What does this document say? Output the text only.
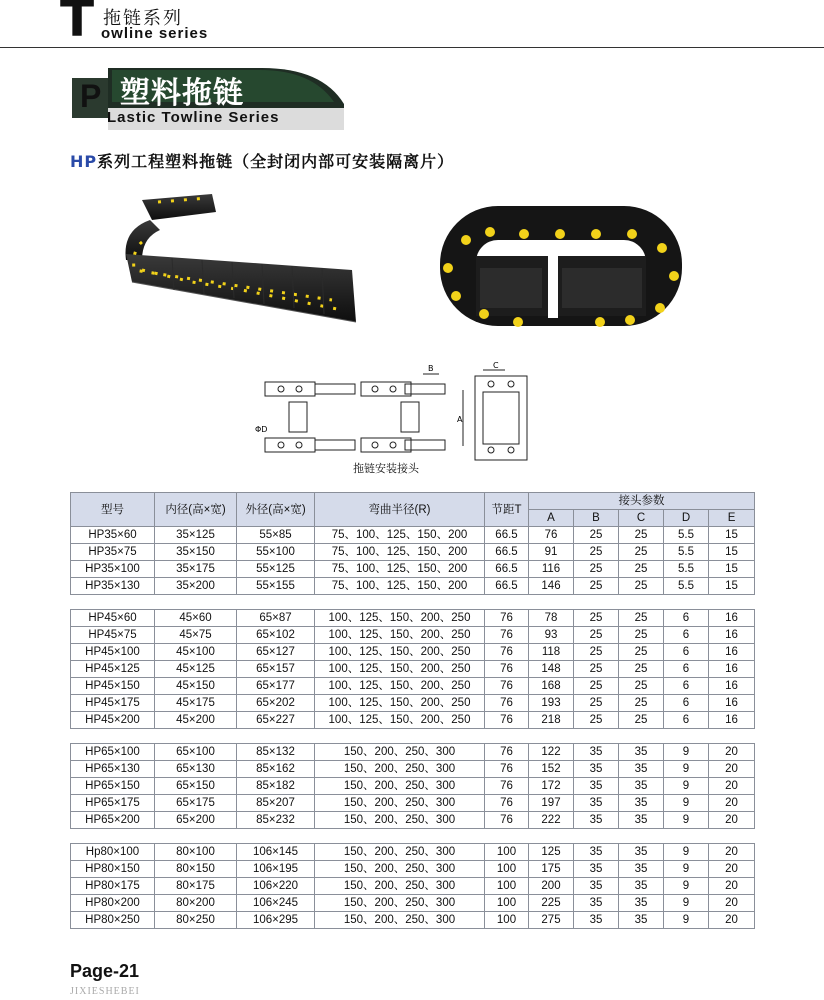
T 拖链系列
owline series
P 塑料拖链
Lastic Towline Series
HP系列工程塑料拖链（全封闭内部可安装隔离片）
B	C
A
ΦD
拖链安装接头
型号	内径(高×宽)	外径(高×宽)	弯曲半径(R)	节距T	接头参数				
					A	B	C	D	E
HP35×60	35×125	55×85	75、100、125、150、200	66.5	76	25	25	5.5	15
HP35×75	35×150	55×100	75、100、125、150、200	66.5	91	25	25	5.5	15
HP35×100	35×175	55×125	75、100、125、150、200	66.5	116	25	25	5.5	15
HP35×130	35×200	55×155	75、100、125、150、200	66.5	146	25	25	5.5	15

HP45×60	45×60	65×87	100、125、150、200、250	76	78	25	25	6	16
HP45×75	45×75	65×102	100、125、150、200、250	76	93	25	25	6	16
HP45×100	45×100	65×127	100、125、150、200、250	76	118	25	25	6	16
HP45×125	45×125	65×157	100、125、150、200、250	76	148	25	25	6	16
HP45×150	45×150	65×177	100、125、150、200、250	76	168	25	25	6	16
HP45×175	45×175	65×202	100、125、150、200、250	76	193	25	25	6	16
HP45×200	45×200	65×227	100、125、150、200、250	76	218	25	25	6	16

HP65×100	65×100	85×132	150、200、250、300	76	122	35	35	9	20
HP65×130	65×130	85×162	150、200、250、300	76	152	35	35	9	20
HP65×150	65×150	85×182	150、200、250、300	76	172	35	35	9	20
HP65×175	65×175	85×207	150、200、250、300	76	197	35	35	9	20
HP65×200	65×200	85×232	150、200、250、300	76	222	35	35	9	20

Hp80×100	80×100	106×145	150、200、250、300	100	125	35	35	9	20
HP80×150	80×150	106×195	150、200、250、300	100	175	35	35	9	20
HP80×175	80×175	106×220	150、200、250、300	100	200	35	35	9	20
HP80×200	80×200	106×245	150、200、250、300	100	225	35	35	9	20
HP80×250	80×250	106×295	150、200、250、300	100	275	35	35	9	20
Page-21
JIXIESHEBEI
